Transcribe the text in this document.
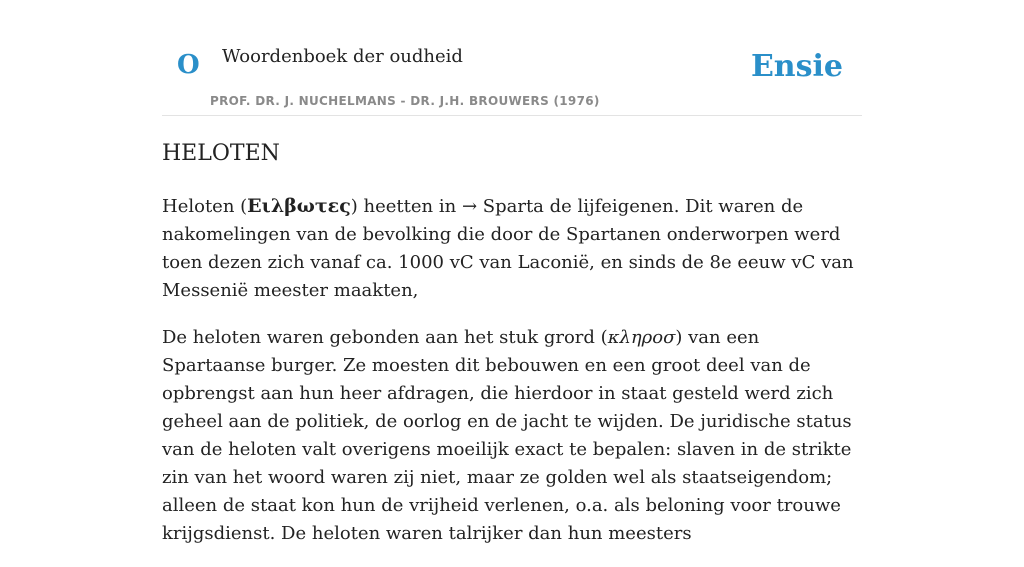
O Woordenboek der oudheid
PROF. DR. J. NUCHELMANS - DR. J.H. BROUWERS (1976)
Ensie
HELOTEN

Heloten (Ειλβωτες) heetten in → Sparta de lijfeigenen. Dit waren de nakomelingen van de bevolking die door de Spartanen onderworpen werd toen dezen zich vanaf ca. 1000 vC van Laconië, en sinds de 8e eeuw vC van Messenië meester maakten,

De heloten waren gebonden aan het stuk grord (κληροσ) van een Spartaanse burger. Ze moesten dit bebouwen en een groot deel van de opbrengst aan hun heer afdragen, die hierdoor in staat gesteld werd zich geheel aan de politiek, de oorlog en de jacht te wijden. De juridische status van de heloten valt overigens moeilijk exact te bepalen: slaven in de strikte zin van het woord waren zij niet, maar ze golden wel als staatseigendom; alleen de staat kon hun de vrijheid verlenen, o.a. als beloning voor trouwe krijgsdienst. De heloten waren talrijker dan hun meesters
